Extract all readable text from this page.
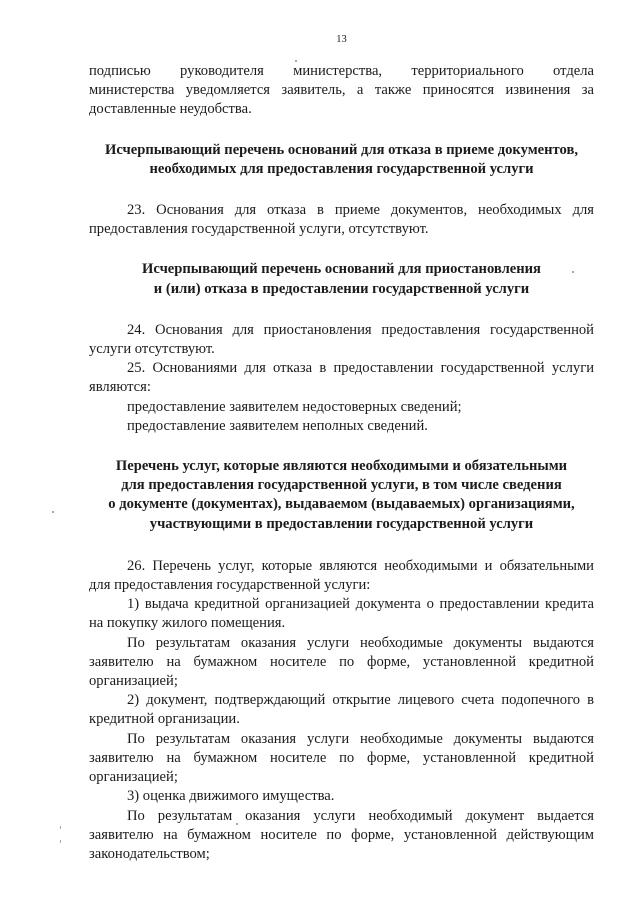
13

подписью руководителя министерства, территориального отдела

министерства уведомляется заявитель, а также приносятся извинения за доставленные неудобства.

Исчерпывающий перечень оснований для отказа в приеме документов,
необходимых для предоставления государственной услуги

23. Основания для отказа в приеме документов, необходимых для предоставления государственной услуги, отсутствуют.

Исчерпывающий перечень оснований для приостановления
и (или) отказа в предоставлении государственной услуги

24. Основания для приостановления предоставления государственной услуги отсутствуют.

25. Основаниями для отказа в предоставлении государственной услуги являются:

предоставление заявителем недостоверных сведений;

предоставление заявителем неполных сведений.

Перечень услуг, которые являются необходимыми и обязательными
для предоставления государственной услуги, в том числе сведения
о документе (документах), выдаваемом (выдаваемых) организациями,
участвующими в предоставлении государственной услуги

26. Перечень услуг, которые являются необходимыми и обязательными для предоставления государственной услуги:

1) выдача кредитной организацией документа о предоставлении кредита на покупку жилого помещения.

По результатам оказания услуги необходимые документы выдаются заявителю на бумажном носителе по форме, установленной кредитной организацией;

2) документ, подтверждающий открытие лицевого счета подопечного в кредитной организации.

По результатам оказания услуги необходимые документы выдаются заявителю на бумажном носителе по форме, установленной кредитной организацией;

3) оценка движимого имущества.

По результатам оказания услуги необходимый документ выдается заявителю на бумажном носителе по форме, установленной действующим законодательством;
